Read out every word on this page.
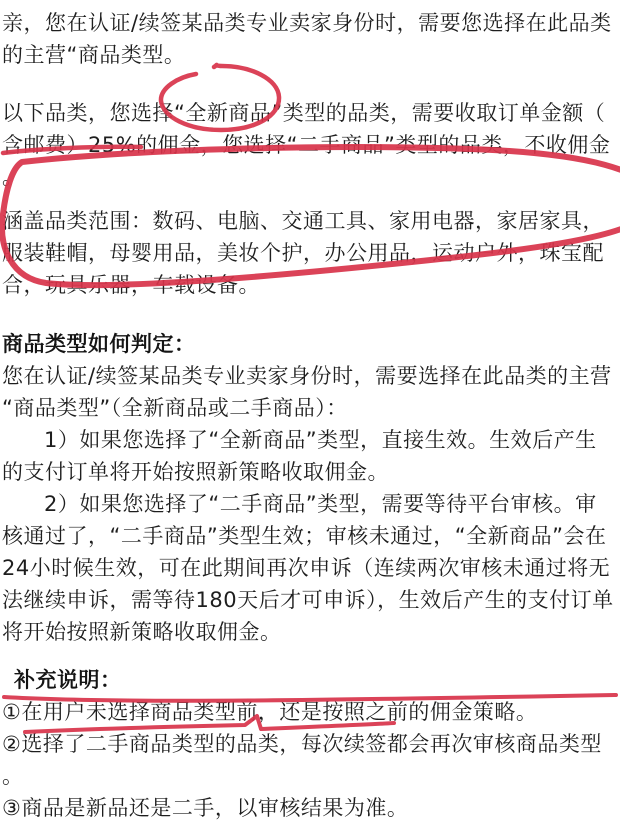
亲，您在认证/续签某品类专业卖家身份时，需要您选择在此品类的主营“商品类型。

以下品类，您选择“全新商品”类型的品类，需要收取订单金额（含邮费）25%的佣金，您选择“二手商品”类型的品类，不收佣金。

涵盖品类范围：数码、电脑、交通工具、家用电器，家居家具，服装鞋帽，母婴用品，美妆个护，办公用品，运动户外，珠宝配合，玩具乐器，车载设备。

商品类型如何判定：

您在认证/续签某品类专业卖家身份时，需要选择在此品类的主营“商品类型”（全新商品或二手商品）：

1）如果您选择了“全新商品”类型，直接生效。生效后产生的支付订单将开始按照新策略收取佣金。

2）如果您选择了“二手商品”类型，需要等待平台审核。审核通过了，“二手商品”类型生效；审核未通过，“全新商品”会在24小时候生效，可在此期间再次申诉（连续两次审核未通过将无法继续申诉，需等待180天后才可申诉），生效后产生的支付订单将开始按照新策略收取佣金。

补充说明：

①在用户未选择商品类型前，还是按照之前的佣金策略。

②选择了二手商品类型的品类，每次续签都会再次审核商品类型。

③商品是新品还是二手，以审核结果为准。
